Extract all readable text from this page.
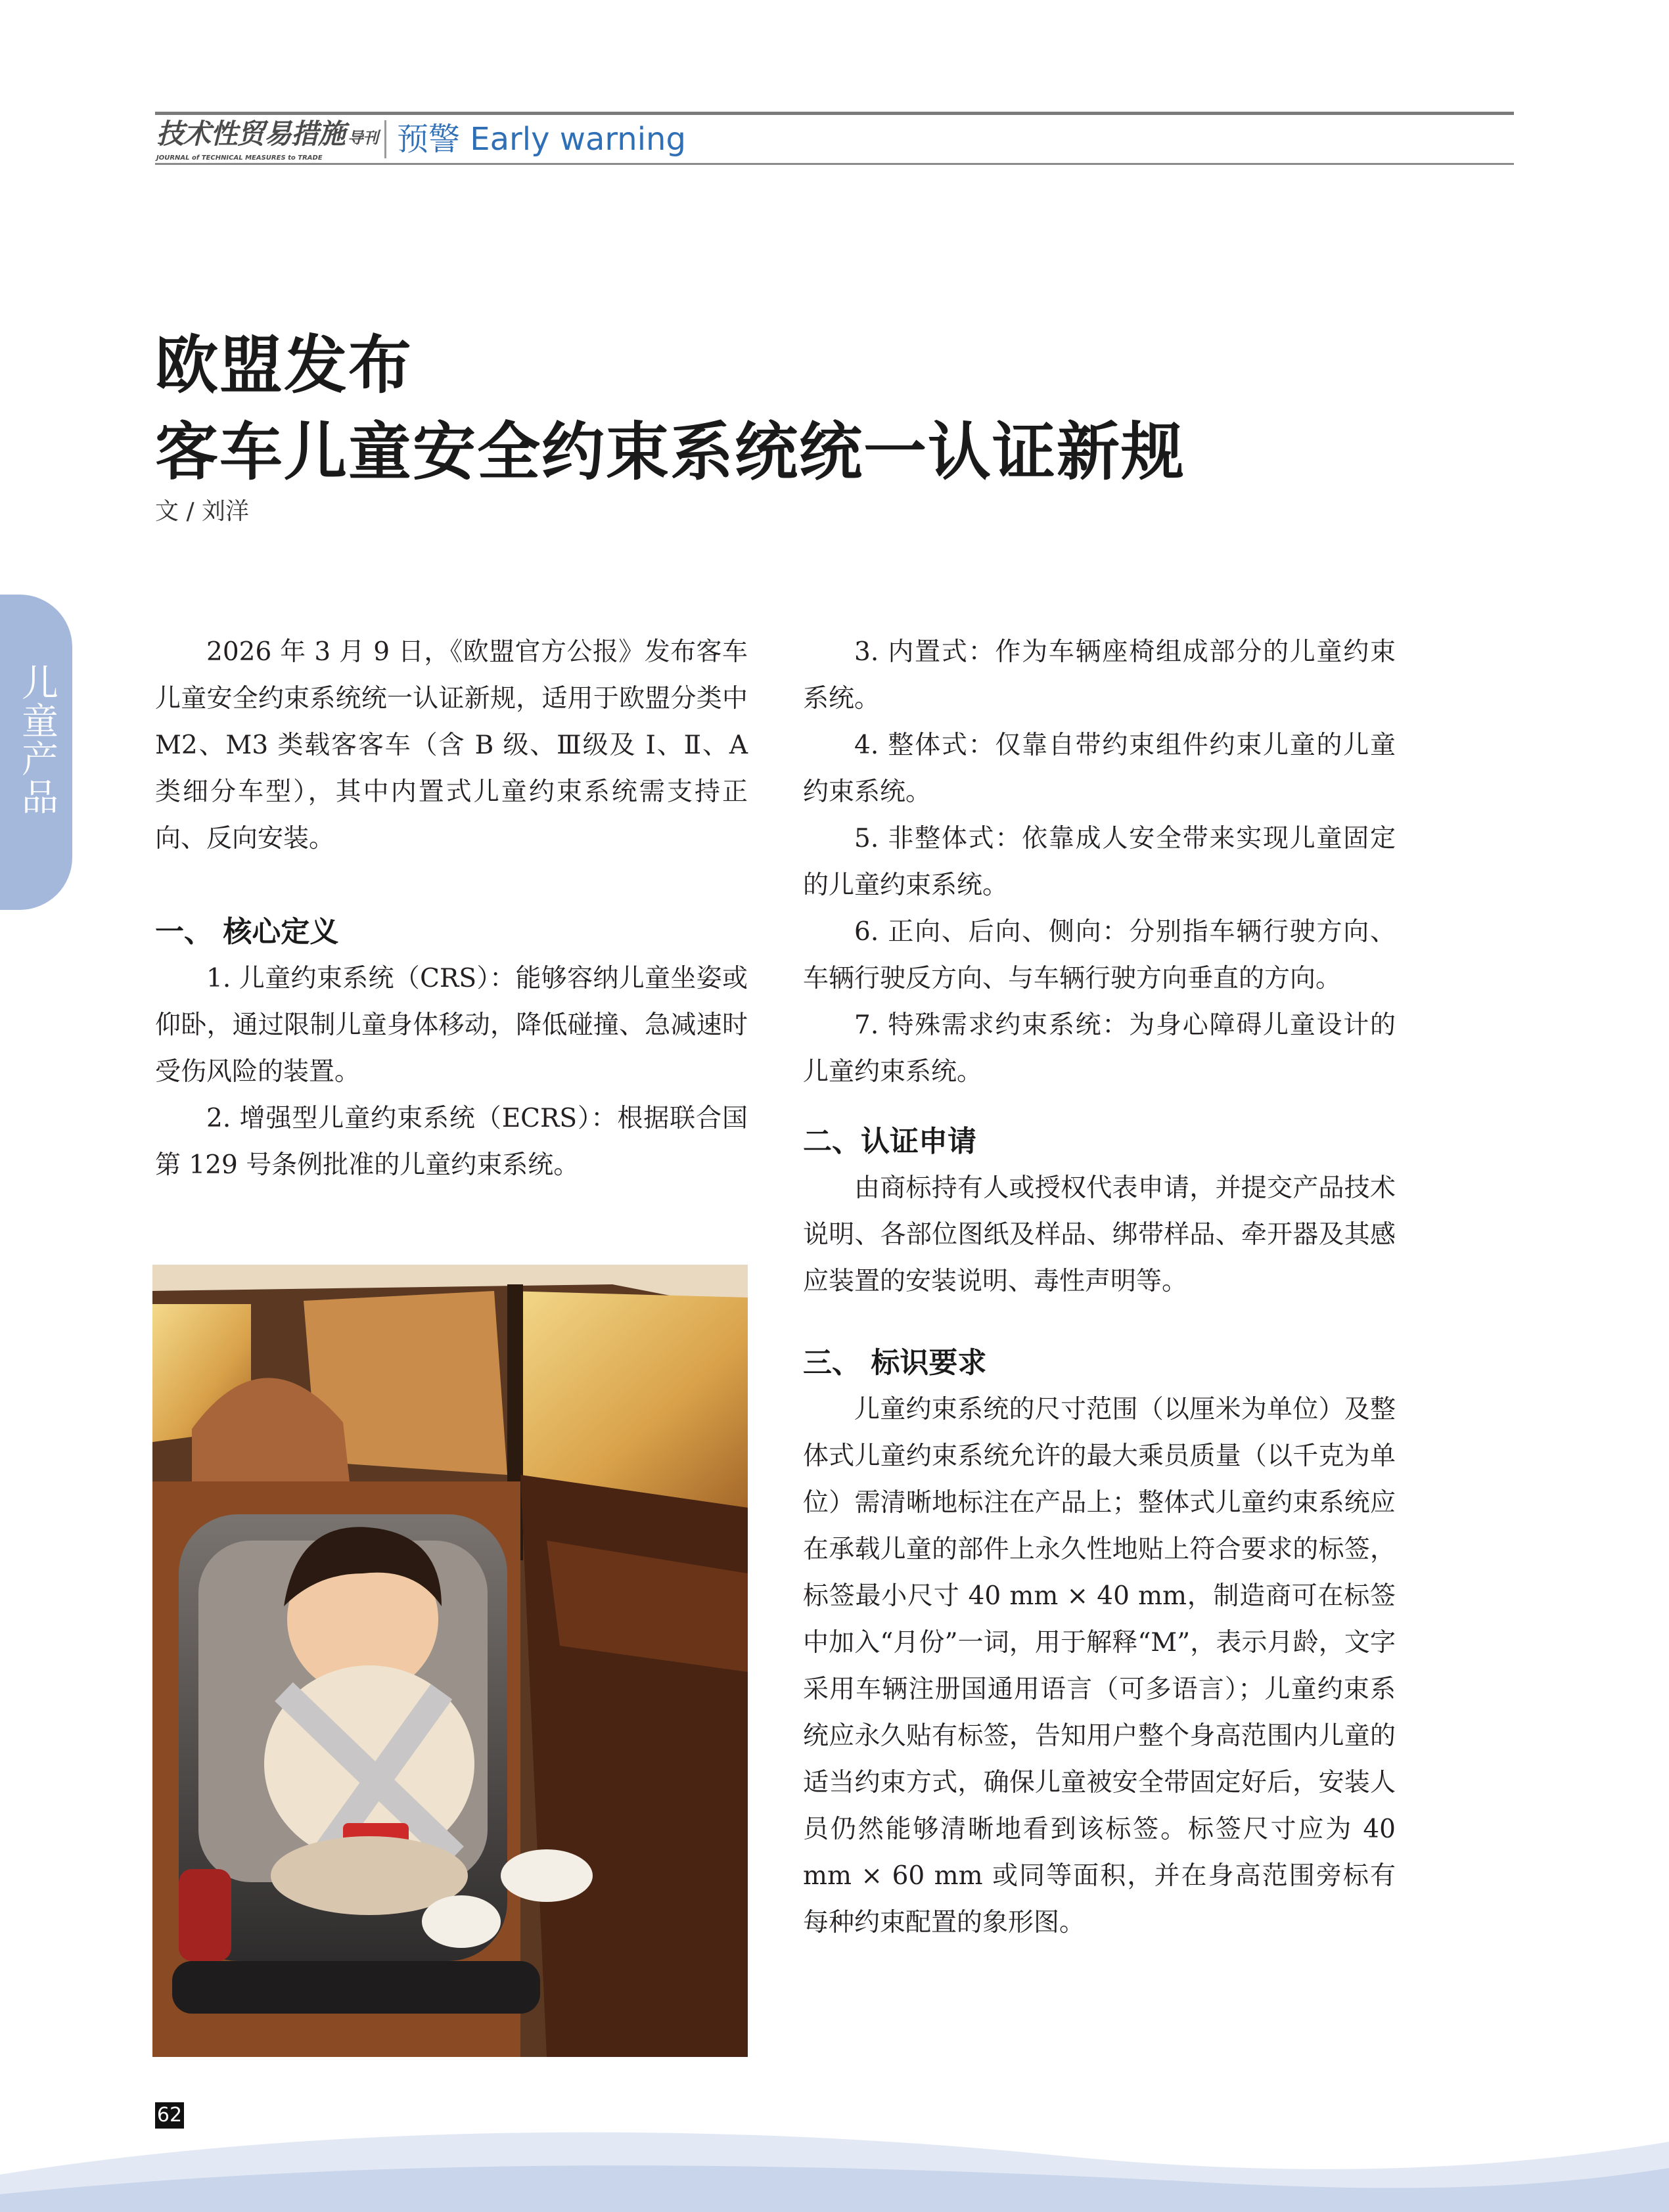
技术性贸易措施 导刊
JOURNAL of TECHNICAL MEASURES to TRADE
预警 Early warning
儿童产品
欧盟发布
客车儿童安全约束系统统一认证新规
文 / 刘洋

2026 年 3 月 9 日，《欧盟官方公报》发布客车儿童安全约束系统统一认证新规，适用于欧盟分类中 M2、M3 类载客客车（含 B 级、Ⅲ级及 I、Ⅱ、A 类细分车型），其中内置式儿童约束系统需支持正向、反向安装。

一、 核心定义

1. 儿童约束系统（CRS）：能够容纳儿童坐姿或仰卧，通过限制儿童身体移动，降低碰撞、急减速时受伤风险的装置。

2. 增强型儿童约束系统（ECRS）：根据联合国第 129 号条例批准的儿童约束系统。

3. 内置式：作为车辆座椅组成部分的儿童约束系统。

4. 整体式：仅靠自带约束组件约束儿童的儿童约束系统。

5. 非整体式：依靠成人安全带来实现儿童固定的儿童约束系统。

6. 正向、后向、侧向：分别指车辆行驶方向、车辆行驶反方向、与车辆行驶方向垂直的方向。

7. 特殊需求约束系统：为身心障碍儿童设计的儿童约束系统。

二、认证申请

由商标持有人或授权代表申请，并提交产品技术说明、各部位图纸及样品、绑带样品、牵开器及其感应装置的安装说明、毒性声明等。

三、 标识要求

儿童约束系统的尺寸范围（以厘米为单位）及整体式儿童约束系统允许的最大乘员质量（以千克为单位）需清晰地标注在产品上；整体式儿童约束系统应在承载儿童的部件上永久性地贴上符合要求的标签，标签最小尺寸 40 mm × 40 mm，制造商可在标签中加入“月份”一词，用于解释“M”，表示月龄，文字采用车辆注册国通用语言（可多语言）；儿童约束系统应永久贴有标签，告知用户整个身高范围内儿童的适当约束方式，确保儿童被安全带固定好后，安装人员仍然能够清晰地看到该标签。标签尺寸应为 40 mm × 60 mm 或同等面积，并在身高范围旁标有每种约束配置的象形图。

62
